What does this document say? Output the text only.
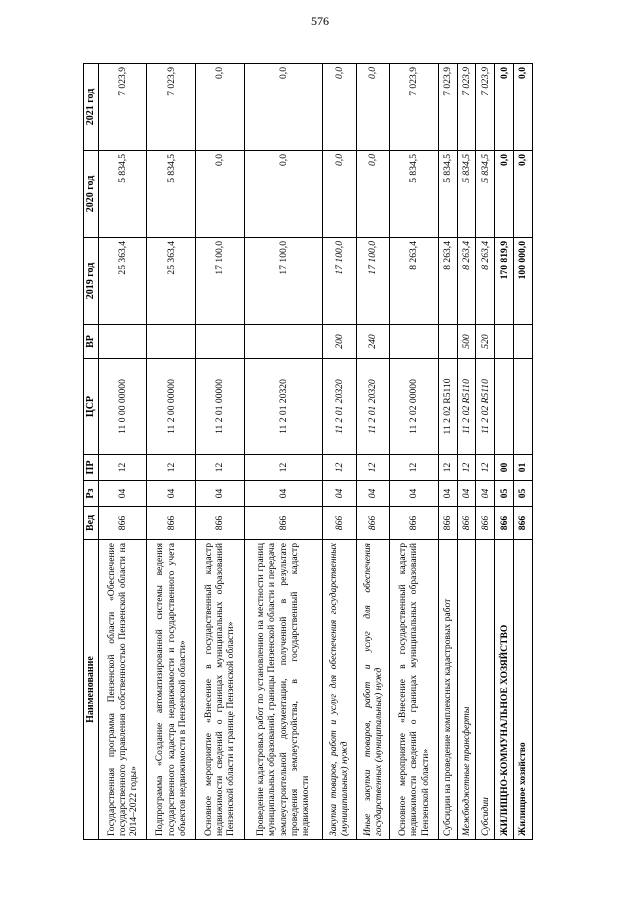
576
Наименование	Вед	Рз	ПР	ЦСР	ВР	2019 год	2020 год	2021 год
Государственная программа Пензенской области «Обеспечение государственного управления собственностью Пензенской области на 2014–2022 годы»	866	04	12	11 0 00 00000		25 363,4	5 834,5	7 023,9
Подпрограмма «Создание автоматизированной системы ведения государственного кадастра недвижимости и государственного учета объектов недвижимости в Пензенской области»	866	04	12	11 2 00 00000		25 363,4	5 834,5	7 023,9
Основное мероприятие «Внесение в государственный кадастр недвижимости сведений о границах муниципальных образований Пензенской области и границе Пензенской области»	866	04	12	11 2 01 00000		17 100,0	0,0	0,0
Проведение кадастровых работ по установлению на местности границ муниципальных образований, границы Пензенской области и передача землеустроительной документации, полученной в результате проведения землеустройства, в государственный кадастр недвижимости	866	04	12	11 2 01 20320		17 100,0	0,0	0,0
Закупка товаров, работ и услуг для обеспечения государственных (муниципальных) нужд	866	04	12	11 2 01 20320	200	17 100,0	0,0	0,0
Иные закупки товаров, работ и услуг для обеспечения государственных (муниципальных) нужд	866	04	12	11 2 01 20320	240	17 100,0	0,0	0,0
Основное мероприятие «Внесение в государственный кадастр недвижимости сведений о границах муниципальных образований Пензенской области»	866	04	12	11 2 02 00000		8 263,4	5 834,5	7 023,9
Субсидии на проведение комплексных кадастровых работ	866	04	12	11 2 02 R5110		8 263,4	5 834,5	7 023,9
Межбюджетные трансферты	866	04	12	11 2 02 R5110	500	8 263,4	5 834,5	7 023,9
Субсидии	866	04	12	11 2 02 R5110	520	8 263,4	5 834,5	7 023,9
ЖИЛИЩНО-КОММУНАЛЬНОЕ ХОЗЯЙСТВО	866	05	00			170 819,9	0,0	0,0
Жилищное хозяйство	866	05	01			100 000,0	0,0	0,0
